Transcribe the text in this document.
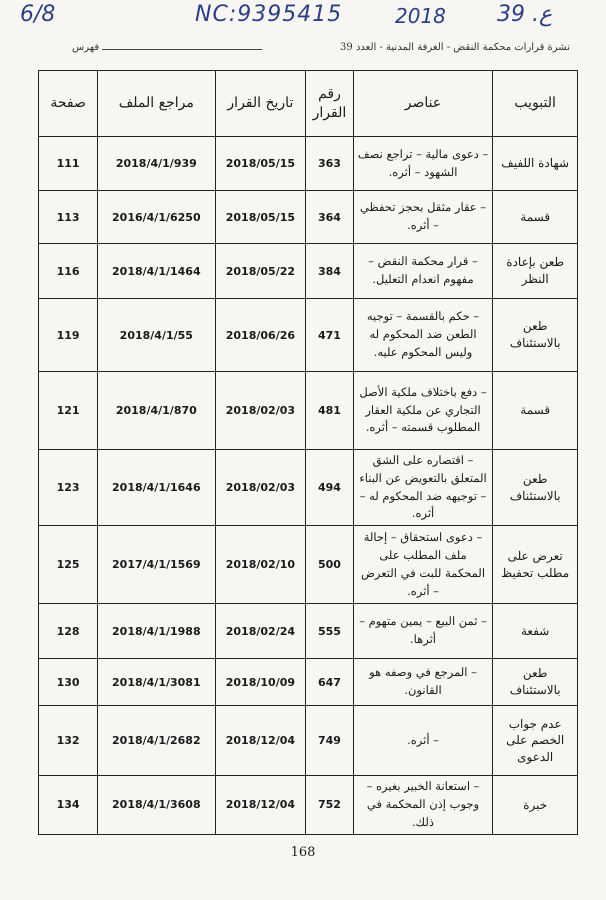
6/8	NC:9395415	2018 39 .ع
نشرة قرارات محكمة النقض - الغرفة المدنية - العدد 39
فهرس
التبويب	عناصر	رقم القرار	تاريخ القرار	مراجع الملف	صفحة
شهادة اللفيف	– دعوى مالية – تراجع نصف الشهود – أثره.	363	2018/05/15	2018/4/1/939	111
قسمة	– عقار مثقل بحجز تحفظي – أثره.	364	2018/05/15	2016/4/1/6250	113
طعن بإعادة النظر	– قرار محكمة النقض – مفهوم انعدام التعليل.	384	2018/05/22	2018/4/1/1464	116
طعن بالاستئناف	– حكم بالقسمة – توجيه الطعن ضد المحكوم له وليس المحكوم عليه.	471	2018/06/26	2018/4/1/55	119
قسمة	– دفع باختلاف ملكية الأصل التجاري عن ملكية العقار المطلوب قسمته – أثره.	481	2018/02/03	2018/4/1/870	121
طعن بالاستئناف	– اقتصاره على الشق المتعلق بالتعويض عن البناء – توجيهه ضد المحكوم له – أثره.	494	2018/02/03	2018/4/1/1646	123
تعرض على مطلب تحفيظ	– دعوى استحقاق – إحالة ملف المطلب على المحكمة للبت في التعرض – أثره.	500	2018/02/10	2017/4/1/1569	125
شفعة	– ثمن البيع – يمين متهوم – أثرها.	555	2018/02/24	2018/4/1/1988	128
طعن بالاستئناف	– المرجع في وصفه هو القانون.	647	2018/10/09	2018/4/1/3081	130
عدم جواب الخصم على الدعوى	– أثره.	749	2018/12/04	2018/4/1/2682	132
خبرة	– استعانة الخبير بغيره – وجوب إذن المحكمة في ذلك.	752	2018/12/04	2018/4/1/3608	134
168
